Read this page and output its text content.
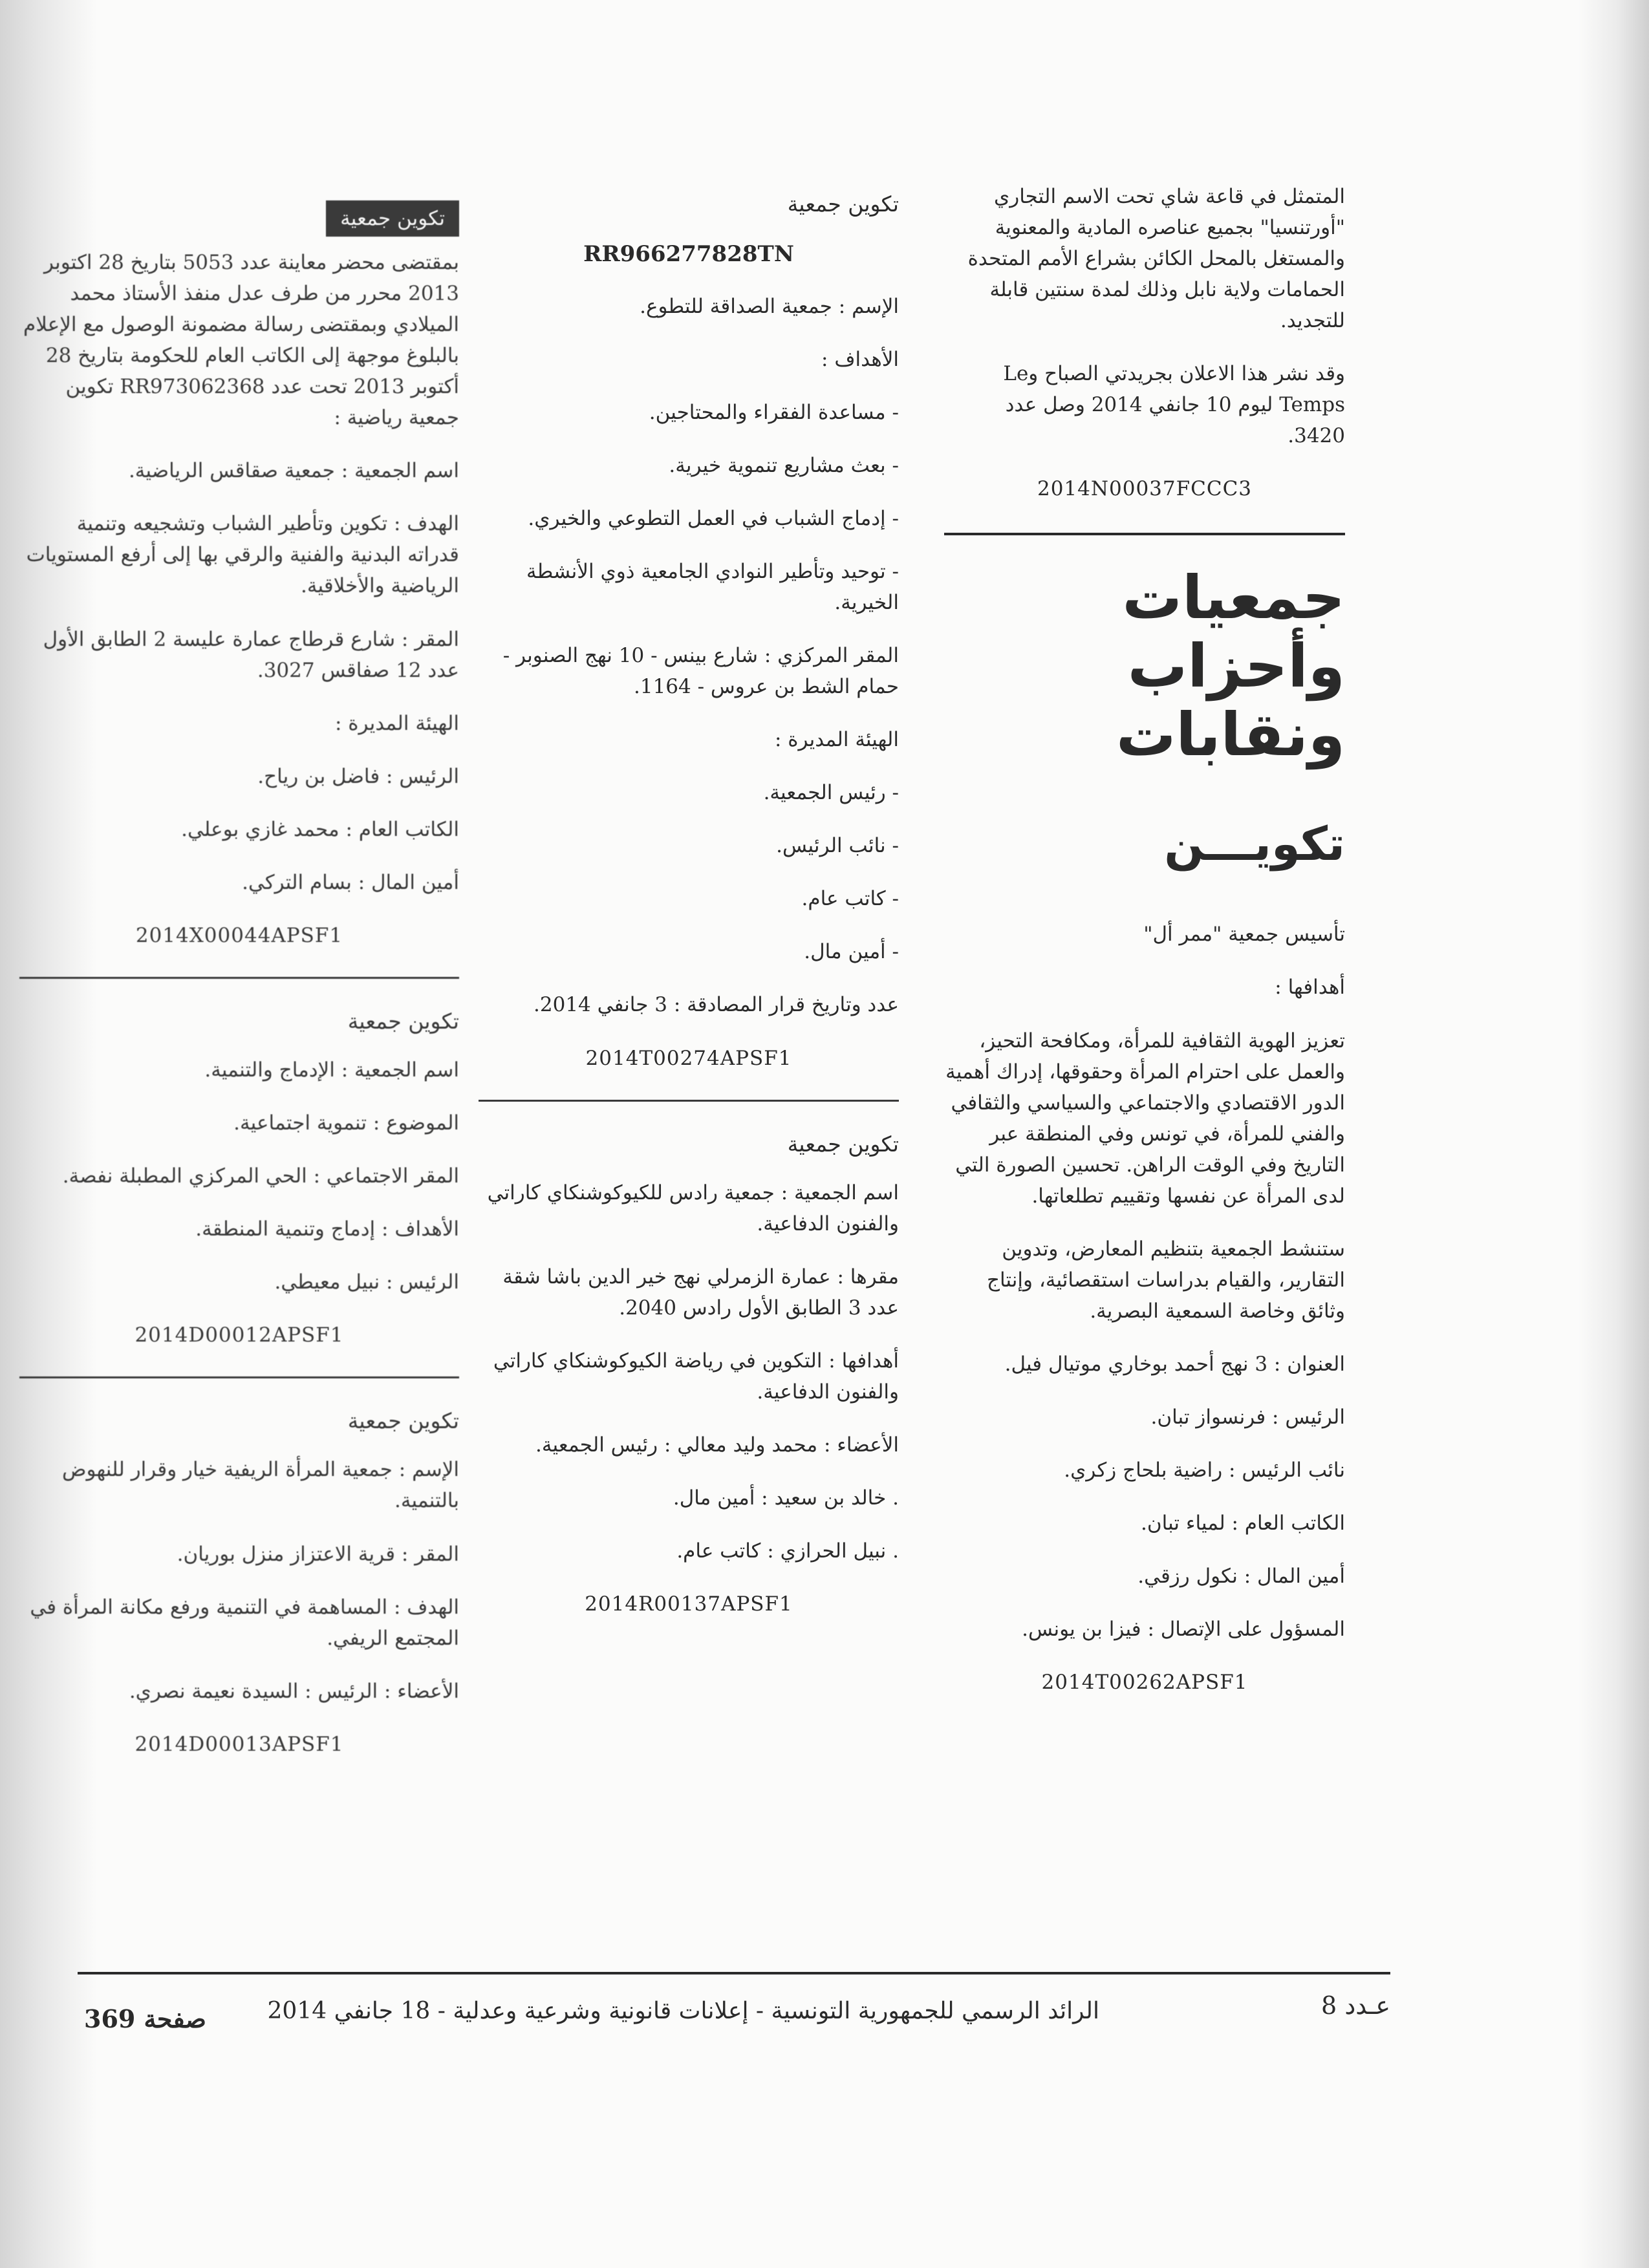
المتمثل في قاعة شاي تحت الاسم التجاري "أورتنسيا" بجميع عناصره المادية والمعنوية والمستغل بالمحل الكائن بشراع الأمم المتحدة الحمامات ولاية نابل وذلك لمدة سنتين قابلة للتجديد.

وقد نشر هذا الاعلان بجريدتي الصباح وLe Temps ليوم 10 جانفي 2014 وصل عدد 3420.

2014N00037FCCC3
جمعيات وأحزاب ونقابات
تكويـــن

تأسيس جمعية "ممر أل"

أهدافها :

تعزيز الهوية الثقافية للمرأة، ومكافحة التحيز، والعمل على احترام المرأة وحقوقها، إدراك أهمية الدور الاقتصادي والاجتماعي والسياسي والثقافي والفني للمرأة، في تونس وفي المنطقة عبر التاريخ وفي الوقت الراهن. تحسين الصورة التي لدى المرأة عن نفسها وتقييم تطلعاتها.

ستنشط الجمعية بتنظيم المعارض، وتدوين التقارير، والقيام بدراسات استقصائية، وإنتاج وثائق وخاصة السمعية البصرية.

العنوان : 3 نهج أحمد بوخاري موتيال فيل.

الرئيس : فرنسواز تبان.

نائب الرئيس : راضية بلحاج زكري.

الكاتب العام : لمياء تبان.

أمين المال : نكول رزقي.

المسؤول على الإتصال : فيزا بن يونس.

2014T00262APSF1
تكوين جمعية
RR966277828TN

الإسم : جمعية الصداقة للتطوع.

الأهداف :

- مساعدة الفقراء والمحتاجين.

- بعث مشاريع تنموية خيرية.

- إدماج الشباب في العمل التطوعي والخيري.

- توحيد وتأطير النوادي الجامعية ذوي الأنشطة الخيرية.

المقر المركزي : شارع بينس - 10 نهج الصنوبر - حمام الشط بن عروس - 1164.

الهيئة المديرة :

- رئيس الجمعية.

- نائب الرئيس.

- كاتب عام.

- أمين مال.

عدد وتاريخ قرار المصادقة : 3 جانفي 2014.

2014T00274APSF1
تكوين جمعية

اسم الجمعية : جمعية رادس للكيوكوشنكاي كاراتي والفنون الدفاعية.

مقرها : عمارة الزمرلي نهج خير الدين باشا شقة عدد 3 الطابق الأول رادس 2040.

أهدافها : التكوين في رياضة الكيوكوشنكاي كاراتي والفنون الدفاعية.

الأعضاء : محمد وليد معالي : رئيس الجمعية.

. خالد بن سعيد : أمين مال.

. نبيل الحرازي : كاتب عام.

2014R00137APSF1
تكوين جمعية

بمقتضى محضر معاينة عدد 5053 بتاريخ 28 اكتوبر 2013 محرر من طرف عدل منفذ الأستاذ محمد الميلادي وبمقتضى رسالة مضمونة الوصول مع الإعلام بالبلوغ موجهة إلى الكاتب العام للحكومة بتاريخ 28 أكتوبر 2013 تحت عدد RR973062368 تكوين جمعية رياضية :

اسم الجمعية : جمعية صقاقس الرياضية.

الهدف : تكوين وتأطير الشباب وتشجيعه وتنمية قدراته البدنية والفنية والرقي بها إلى أرفع المستويات الرياضية والأخلاقية.

المقر : شارع قرطاج عمارة عليسة 2 الطابق الأول عدد 12 صفاقس 3027.

الهيئة المديرة :

الرئيس : فاضل بن رياح.

الكاتب العام : محمد غازي بوعلي.

أمين المال : بسام التركي.

2014X00044APSF1
تكوين جمعية

اسم الجمعية : الإدماج والتنمية.

الموضوع : تنموية اجتماعية.

المقر الاجتماعي : الحي المركزي المطبلة نفصة.

الأهداف : إدماج وتنمية المنطقة.

الرئيس : نبيل معيطي.

2014D00012APSF1
تكوين جمعية

الإسم : جمعية المرأة الريفية خيار وقرار للنهوض بالتنمية.

المقر : قرية الاعتزاز منزل بوريان.

الهدف : المساهمة في التنمية ورفع مكانة المرأة في المجتمع الريفي.

الأعضاء : الرئيس : السيدة نعيمة نصري.

2014D00013APSF1
عـدد 8
الرائد الرسمي للجمهورية التونسية - إعلانات قانونية وشرعية وعدلية - 18 جانفي 2014
صفحة 369
